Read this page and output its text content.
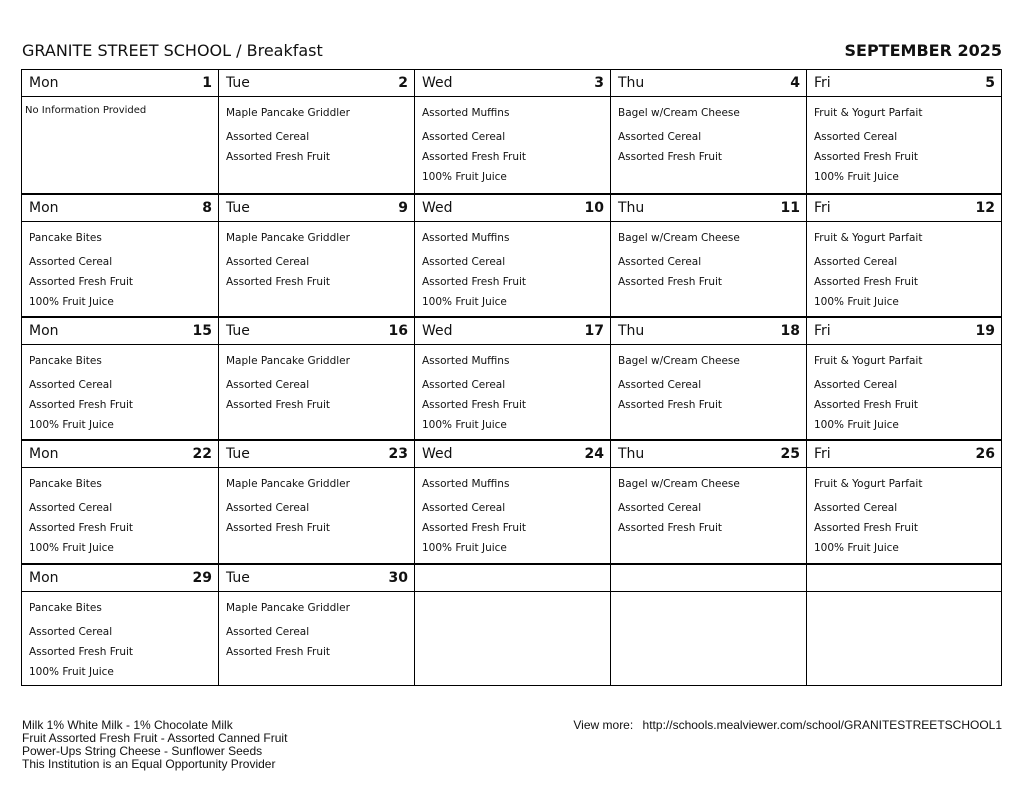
GRANITE STREET SCHOOL / Breakfast	SEPTEMBER 2025
Mon	1
No Information Provided
Tue	2
Maple Pancake Griddler
Assorted Cereal
Assorted Fresh Fruit
Wed	3
Assorted Muffins
Assorted Cereal
Assorted Fresh Fruit
100% Fruit Juice
Thu	4
Bagel w/Cream Cheese
Assorted Cereal
Assorted Fresh Fruit
Fri	5
Fruit & Yogurt Parfait
Assorted Cereal
Assorted Fresh Fruit
100% Fruit Juice
Mon	8
Pancake Bites
Assorted Cereal
Assorted Fresh Fruit
100% Fruit Juice
Tue	9
Maple Pancake Griddler
Assorted Cereal
Assorted Fresh Fruit
Wed	10
Assorted Muffins
Assorted Cereal
Assorted Fresh Fruit
100% Fruit Juice
Thu	11
Bagel w/Cream Cheese
Assorted Cereal
Assorted Fresh Fruit
Fri	12
Fruit & Yogurt Parfait
Assorted Cereal
Assorted Fresh Fruit
100% Fruit Juice
Mon	15
Pancake Bites
Assorted Cereal
Assorted Fresh Fruit
100% Fruit Juice
Tue	16
Maple Pancake Griddler
Assorted Cereal
Assorted Fresh Fruit
Wed	17
Assorted Muffins
Assorted Cereal
Assorted Fresh Fruit
100% Fruit Juice
Thu	18
Bagel w/Cream Cheese
Assorted Cereal
Assorted Fresh Fruit
Fri	19
Fruit & Yogurt Parfait
Assorted Cereal
Assorted Fresh Fruit
100% Fruit Juice
Mon	22
Pancake Bites
Assorted Cereal
Assorted Fresh Fruit
100% Fruit Juice
Tue	23
Maple Pancake Griddler
Assorted Cereal
Assorted Fresh Fruit
Wed	24
Assorted Muffins
Assorted Cereal
Assorted Fresh Fruit
100% Fruit Juice
Thu	25
Bagel w/Cream Cheese
Assorted Cereal
Assorted Fresh Fruit
Fri	26
Fruit & Yogurt Parfait
Assorted Cereal
Assorted Fresh Fruit
100% Fruit Juice
Mon	29
Pancake Bites
Assorted Cereal
Assorted Fresh Fruit
100% Fruit Juice
Tue	30
Maple Pancake Griddler
Assorted Cereal
Assorted Fresh Fruit
Milk 1% White Milk - 1% Chocolate Milk
Fruit Assorted Fresh Fruit - Assorted Canned Fruit
Power-Ups String Cheese - Sunflower Seeds
This Institution is an Equal Opportunity Provider
View more: http://schools.mealviewer.com/school/GRANITESTREETSCHOOL1
